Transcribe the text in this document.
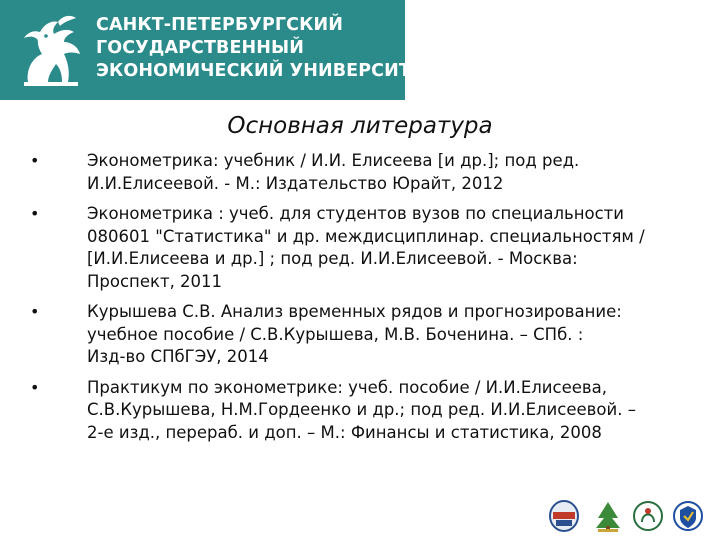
САНКТ-ПЕТЕРБУРГСКИЙ
ГОСУДАРСТВЕННЫЙ
ЭКОНОМИЧЕСКИЙ УНИВЕРСИТЕТ
Основная литература
•	Эконометрика: учебник / И.И. Елисеева [и др.]; под ред.
И.И.Елисеевой. - М.: Издательство Юрайт, 2012
•	Эконометрика : учеб. для студентов вузов по специальности
080601 "Статистика" и др. междисциплинар. специальностям /
[И.И.Елисеева и др.] ; под ред. И.И.Елисеевой. - Москва:
Проспект, 2011
•	Курышева С.В. Анализ временных рядов и прогнозирование:
учебное пособие / С.В.Курышева, М.В. Боченина. – СПб. :
Изд-во СПбГЭУ, 2014
•	Практикум по эконометрике: учеб. пособие / И.И.Елисеева,
С.В.Курышева, Н.М.Гордеенко и др.; под ред. И.И.Елисеевой. –
2-е изд., перераб. и доп. – М.: Финансы и статистика, 2008
